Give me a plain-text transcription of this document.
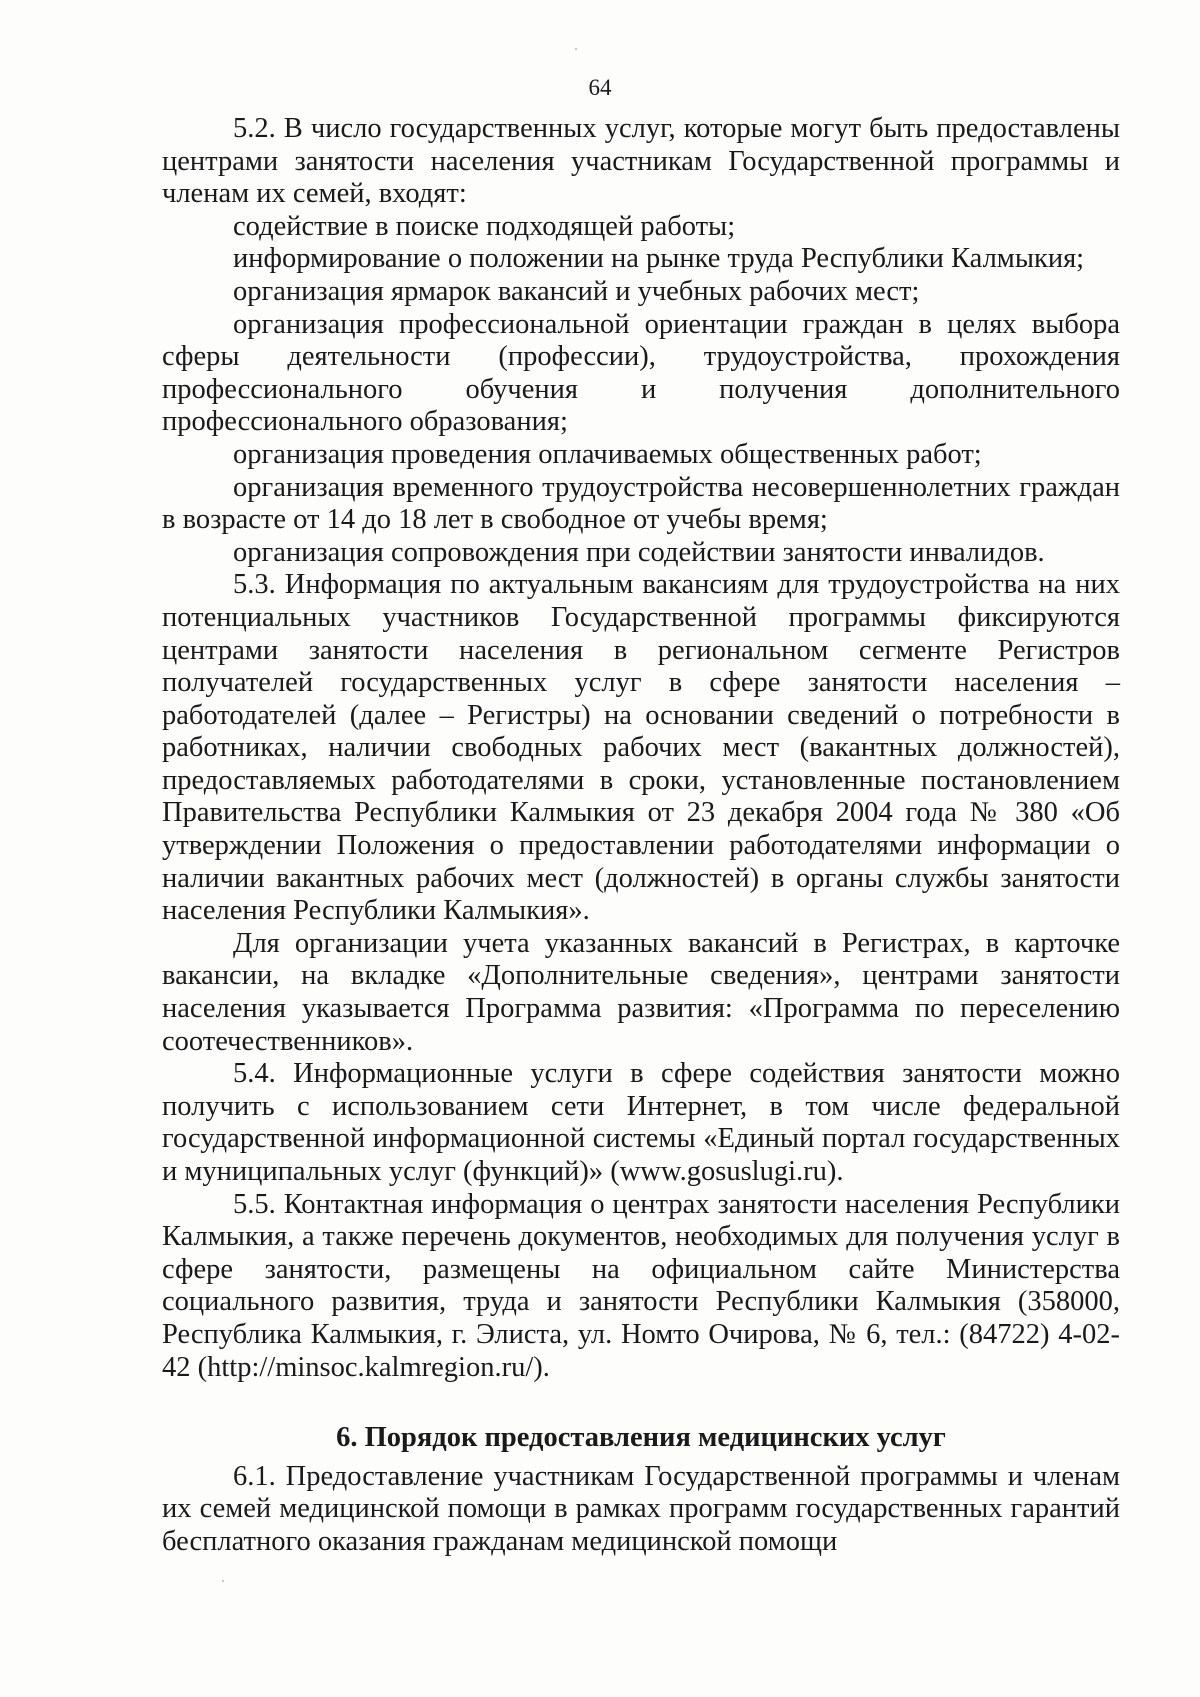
64

5.2. В число государственных услуг, которые могут быть предоставлены центрами занятости населения участникам Государственной программы и членам их семей, входят:

содействие в поиске подходящей работы;

информирование о положении на рынке труда Республики Калмыкия;

организация ярмарок вакансий и учебных рабочих мест;

организация профессиональной ориентации граждан в целях выбора сферы деятельности (профессии), трудоустройства, прохождения профессионального обучения и получения дополнительного профессионального образования;

организация проведения оплачиваемых общественных работ;

организация временного трудоустройства несовершеннолетних граждан в возрасте от 14 до 18 лет в свободное от учебы время;

организация сопровождения при содействии занятости инвалидов.

5.3. Информация по актуальным вакансиям для трудоустройства на них потенциальных участников Государственной программы фиксируются центрами занятости населения в региональном сегменте Регистров получателей государственных услуг в сфере занятости населения – работодателей (далее – Регистры) на основании сведений о потребности в работниках, наличии свободных рабочих мест (вакантных должностей), предоставляемых работодателями в сроки, установленные постановлением Правительства Республики Калмыкия от 23 декабря 2004 года № 380 «Об утверждении Положения о предоставлении работодателями информации о наличии вакантных рабочих мест (должностей) в органы службы занятости населения Республики Калмыкия».

Для организации учета указанных вакансий в Регистрах, в карточке вакансии, на вкладке «Дополнительные сведения», центрами занятости населения указывается Программа развития: «Программа по переселению соотечественников».

5.4. Информационные услуги в сфере содействия занятости можно получить с использованием сети Интернет, в том числе федеральной государственной информационной системы «Единый портал государственных и муниципальных услуг (функций)» (www.gosuslugi.ru).

5.5. Контактная информация о центрах занятости населения Республики Калмыкия, а также перечень документов, необходимых для получения услуг в сфере занятости, размещены на официальном сайте Министерства социального развития, труда и занятости Республики Калмыкия (358000, Республика Калмыкия, г. Элиста, ул. Номто Очирова, № 6, тел.: (84722) 4-02-42 (http://minsoc.kalmregion.ru/).

6. Порядок предоставления медицинских услуг

6.1. Предоставление участникам Государственной программы и членам их семей медицинской помощи в рамках программ государственных гарантий бесплатного оказания гражданам медицинской помощи
